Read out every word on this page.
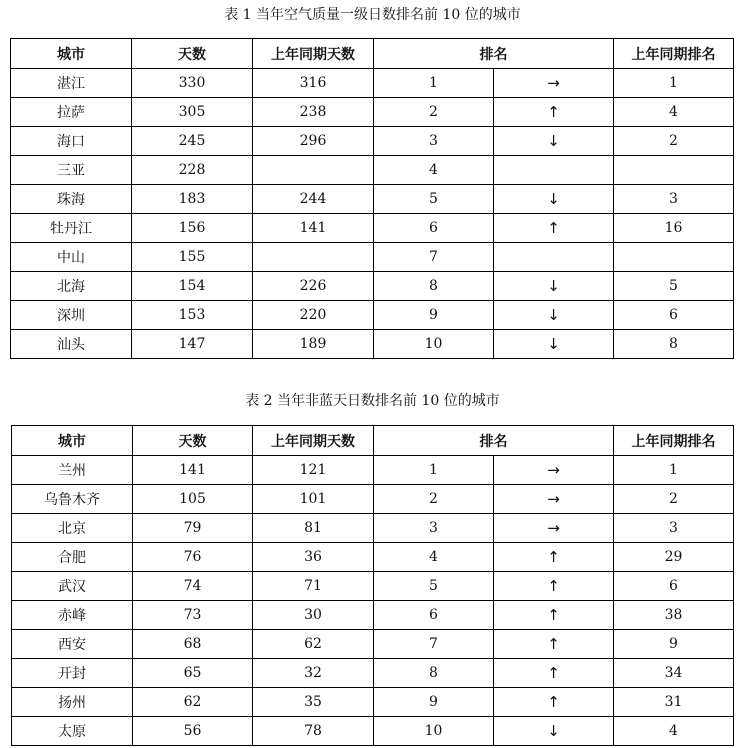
表 1 当年空气质量一级日数排名前 10 位的城市
城市	天数	上年同期天数	排名		上年同期排名
湛江	330	316	1	→	1
拉萨	305	238	2	↑	4
海口	245	296	3	↓	2
三亚	228		4		
珠海	183	244	5	↓	3
牡丹江	156	141	6	↑	16
中山	155		7		
北海	154	226	8	↓	5
深圳	153	220	9	↓	6
汕头	147	189	10	↓	8
表 2 当年非蓝天日数排名前 10 位的城市
城市	天数	上年同期天数	排名		上年同期排名
兰州	141	121	1	→	1
乌鲁木齐	105	101	2	→	2
北京	79	81	3	→	3
合肥	76	36	4	↑	29
武汉	74	71	5	↑	6
赤峰	73	30	6	↑	38
西安	68	62	7	↑	9
开封	65	32	8	↑	34
扬州	62	35	9	↑	31
太原	56	78	10	↓	4
